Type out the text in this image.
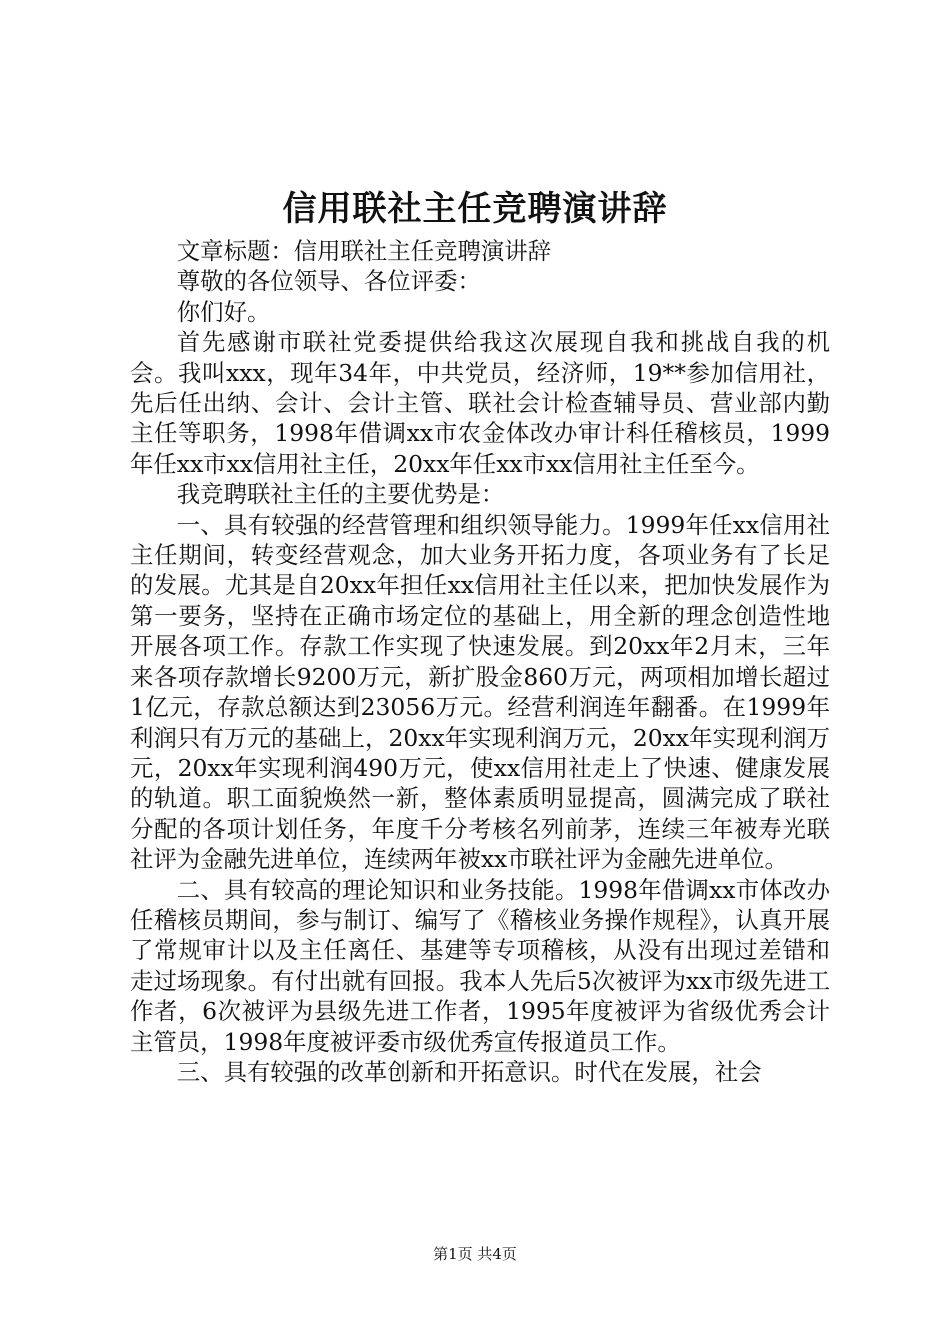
信用联社主任竞聘演讲辞

文章标题：信用联社主任竞聘演讲辞

尊敬的各位领导、各位评委：

你们好。

首先感谢市联社党委提供给我这次展现自我和挑战自我的机会。我叫xxx，现年34年，中共党员，经济师，19**参加信用社，先后任出纳、会计、会计主管、联社会计检查辅导员、营业部内勤主任等职务，1998年借调xx市农金体改办审计科任稽核员，1999年任xx市xx信用社主任，20xx年任xx市xx信用社主任至今。

我竞聘联社主任的主要优势是：

一、具有较强的经营管理和组织领导能力。1999年任xx信用社主任期间，转变经营观念，加大业务开拓力度，各项业务有了长足的发展。尤其是自20xx年担任xx信用社主任以来，把加快发展作为第一要务，坚持在正确市场定位的基础上，用全新的理念创造性地开展各项工作。存款工作实现了快速发展。到20xx年2月末，三年来各项存款增长9200万元，新扩股金860万元，两项相加增长超过1亿元，存款总额达到23056万元。经营利润连年翻番。在1999年利润只有万元的基础上，20xx年实现利润万元，20xx年实现利润万元，20xx年实现利润490万元，使xx信用社走上了快速、健康发展的轨道。职工面貌焕然一新，整体素质明显提高，圆满完成了联社分配的各项计划任务，年度千分考核名列前茅，连续三年被寿光联社评为金融先进单位，连续两年被xx市联社评为金融先进单位。

二、具有较高的理论知识和业务技能。1998年借调xx市体改办任稽核员期间，参与制订、编写了《稽核业务操作规程》，认真开展了常规审计以及主任离任、基建等专项稽核，从没有出现过差错和走过场现象。有付出就有回报。我本人先后5次被评为xx市级先进工作者，6次被评为县级先进工作者，1995年度被评为省级优秀会计主管员，1998年度被评委市级优秀宣传报道员工作。

三、具有较强的改革创新和开拓意识。时代在发展，社会

第1页 共4页
